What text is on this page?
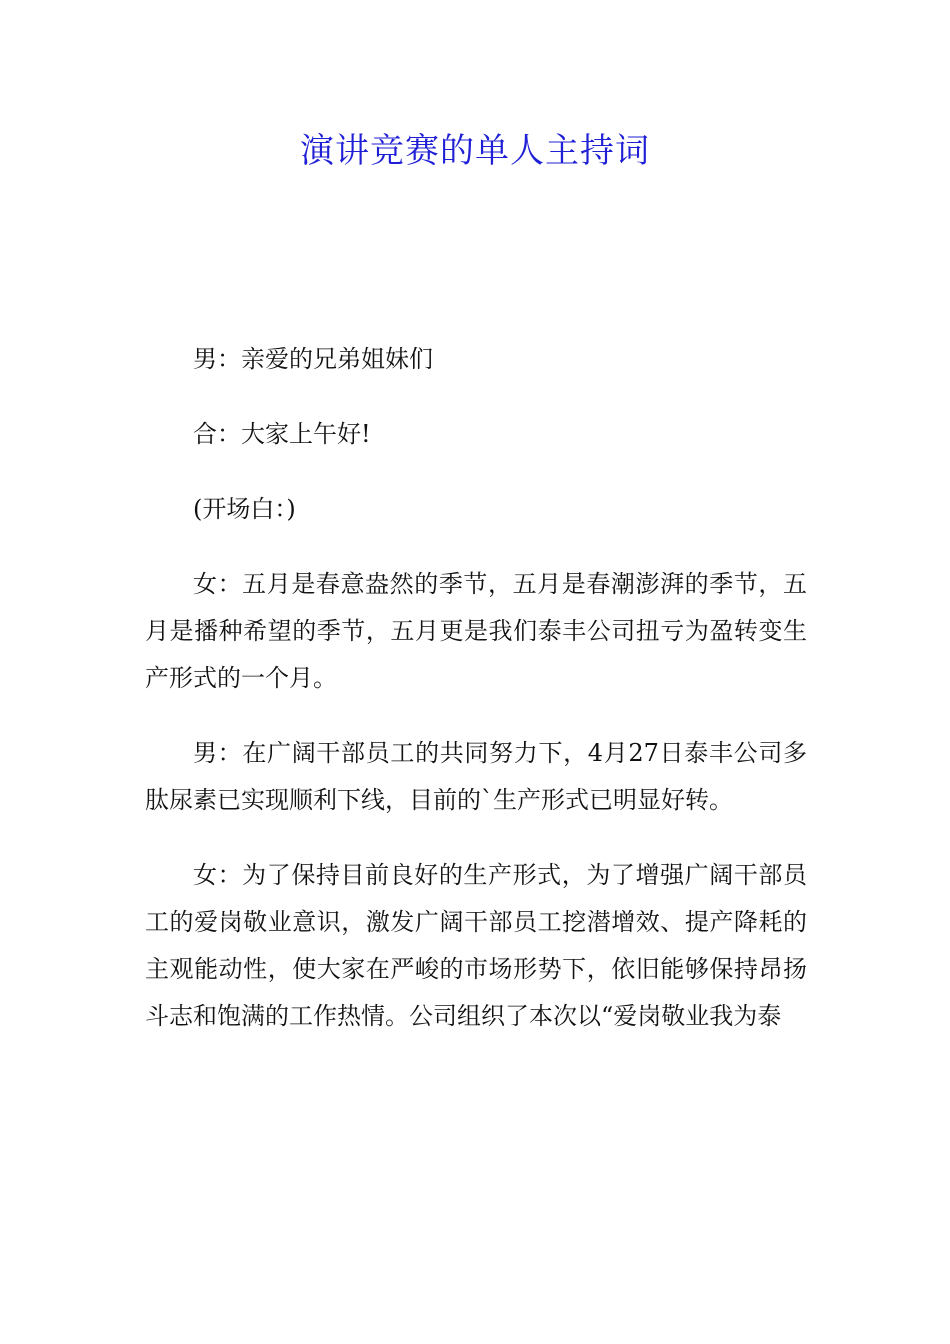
演讲竞赛的单人主持词

男：亲爱的兄弟姐妹们

合：大家上午好!

(开场白：)

女：五月是春意盎然的季节，五月是春潮澎湃的季节，五月是播种希望的季节，五月更是我们泰丰公司扭亏为盈转变生产形式的一个月。

男：在广阔干部员工的共同努力下，4月27日泰丰公司多肽尿素已实现顺利下线，目前的`生产形式已明显好转。

女：为了保持目前良好的生产形式，为了增强广阔干部员工的爱岗敬业意识，激发广阔干部员工挖潜增效、提产降耗的主观能动性，使大家在严峻的市场形势下，依旧能够保持昂扬斗志和饱满的工作热情。公司组织了本次以“爱岗敬业我为泰
